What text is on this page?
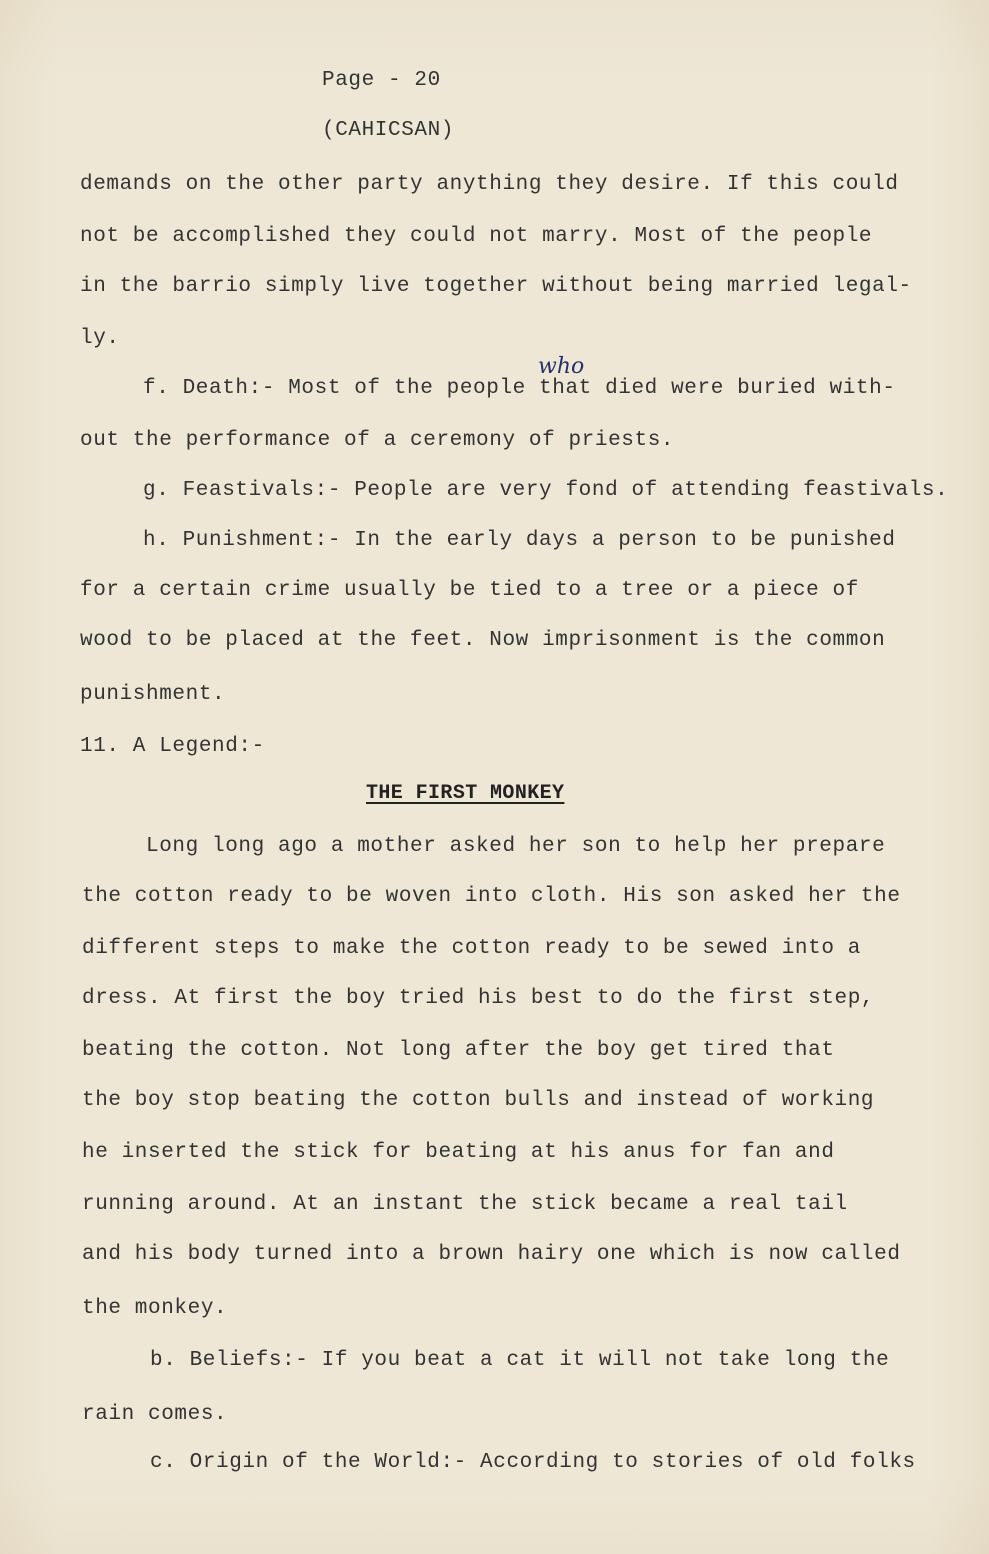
Page - 20
(CAHICSAN)
demands on the other party anything they desire. If this could
not be accomplished they could not marry. Most of the people
in the barrio simply live together without being married legal-
ly.
who
f. Death:- Most of the people that died were buried with-
out the performance of a ceremony of priests.
g. Feastivals:- People are very fond of attending feastivals.
h. Punishment:- In the early days a person to be punished
for a certain crime usually be tied to a tree or a piece of
wood to be placed at the feet. Now imprisonment is the common
punishment.
11. A Legend:-
THE FIRST MONKEY
Long long ago a mother asked her son to help her prepare
the cotton ready to be woven into cloth. His son asked her the
different steps to make the cotton ready to be sewed into a
dress. At first the boy tried his best to do the first step,
beating the cotton. Not long after the boy get tired that
the boy stop beating the cotton bulls and instead of working
he inserted the stick for beating at his anus for fan and
running around. At an instant the stick became a real tail
and his body turned into a brown hairy one which is now called
the monkey.
b. Beliefs:- If you beat a cat it will not take long the
rain comes.
c. Origin of the World:- According to stories of old folks
